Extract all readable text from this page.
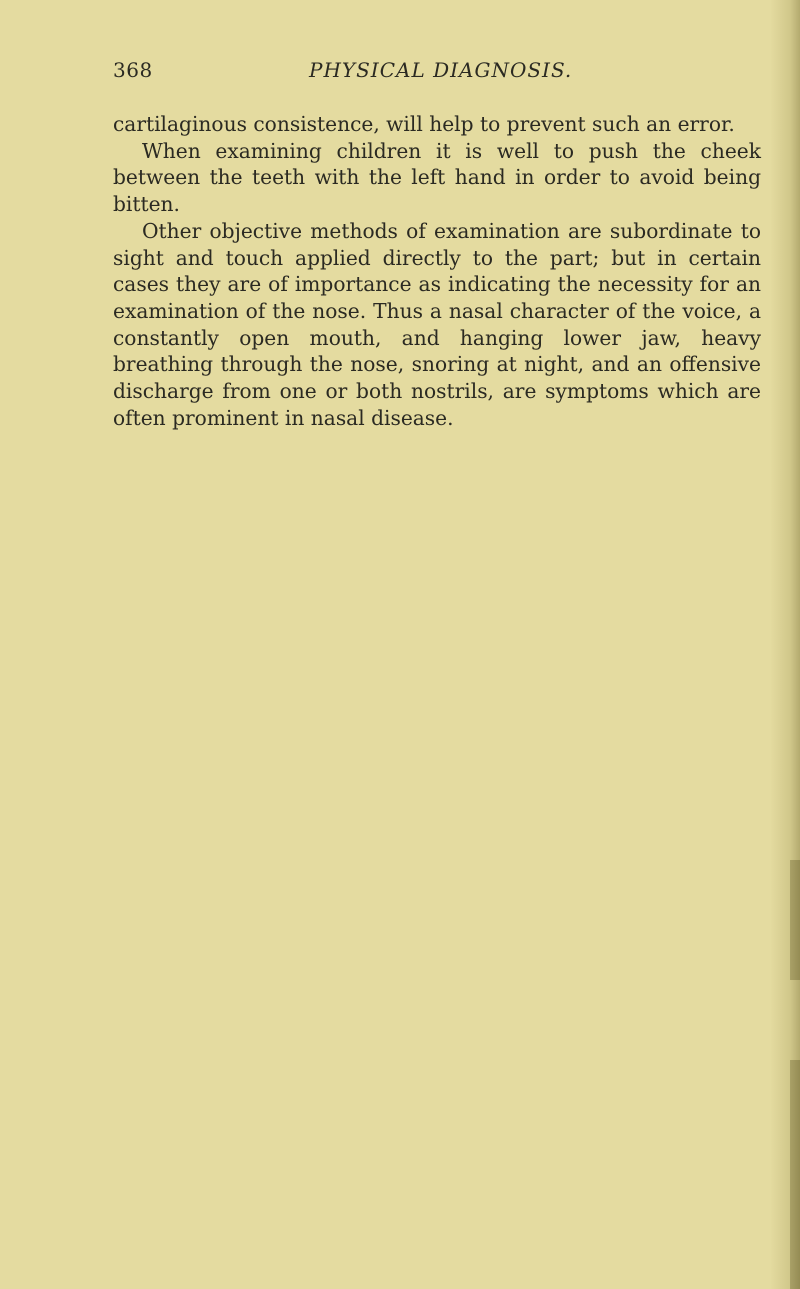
368	PHYSICAL DIAGNOSIS.

cartilaginous consistence, will help to prevent such an error.

When examining children it is well to push the cheek between the teeth with the left hand in order to avoid being bitten.

Other objective methods of examination are subordinate to sight and touch applied directly to the part; but in certain cases they are of importance as indicating the necessity for an examination of the nose. Thus a nasal character of the voice, a constantly open mouth, and hanging lower jaw, heavy breathing through the nose, snoring at night, and an offensive discharge from one or both nostrils, are symptoms which are often prominent in nasal disease.
